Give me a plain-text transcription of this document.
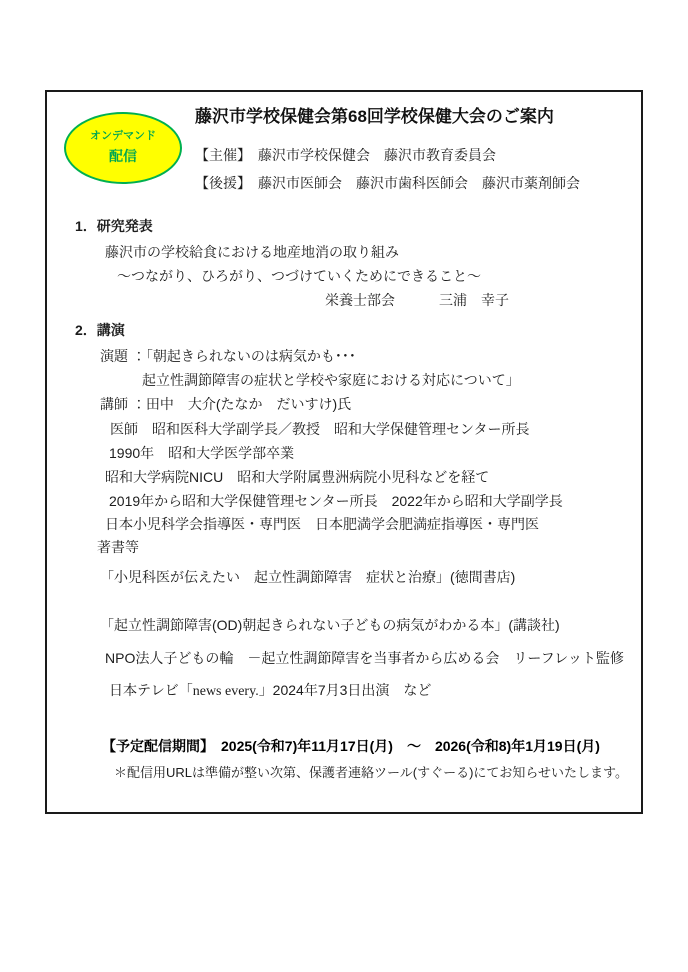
オンデマンド
配信
藤沢市学校保健会第68回学校保健大会のご案内
【主催】　藤沢市学校保健会　藤沢市教育委員会
【後援】　藤沢市医師会　藤沢市歯科医師会　藤沢市薬剤師会
1．研究発表
藤沢市の学校給食における地産地消の取り組み
～つながり、ひろがり、つづけていくためにできること～
栄養士部会	三浦　幸子
2．講演
演題 ：「朝起きられないのは病気かも･･･
起立性調節障害の症状と学校や家庭における対応について」
講師 ：田中　大介(たなか　だいすけ)氏
医師　昭和医科大学副学長／教授　昭和大学保健管理センター所長
1990年　昭和大学医学部卒業
昭和大学病院NICU　昭和大学附属豊洲病院小児科などを経て
2019年から昭和大学保健管理センター所長　2022年から昭和大学副学長
日本小児科学会指導医・専門医　日本肥満学会肥満症指導医・専門医
著書等
「小児科医が伝えたい　起立性調節障害　症状と治療」(徳間書店)
「起立性調節障害(OD)朝起きられない子どもの病気がわかる本」(講談社)
NPO法人子どもの輪　－起立性調節障害を当事者から広める会　リーフレット監修
日本テレビ「news every.」2024年7月3日出演　など
【予定配信期間】　2025(令和7)年11月17日(月)　～　2026(令和8)年1月19日(月)
＊配信用URLは準備が整い次第、保護者連絡ツール(すぐーる)にてお知らせいたします。
